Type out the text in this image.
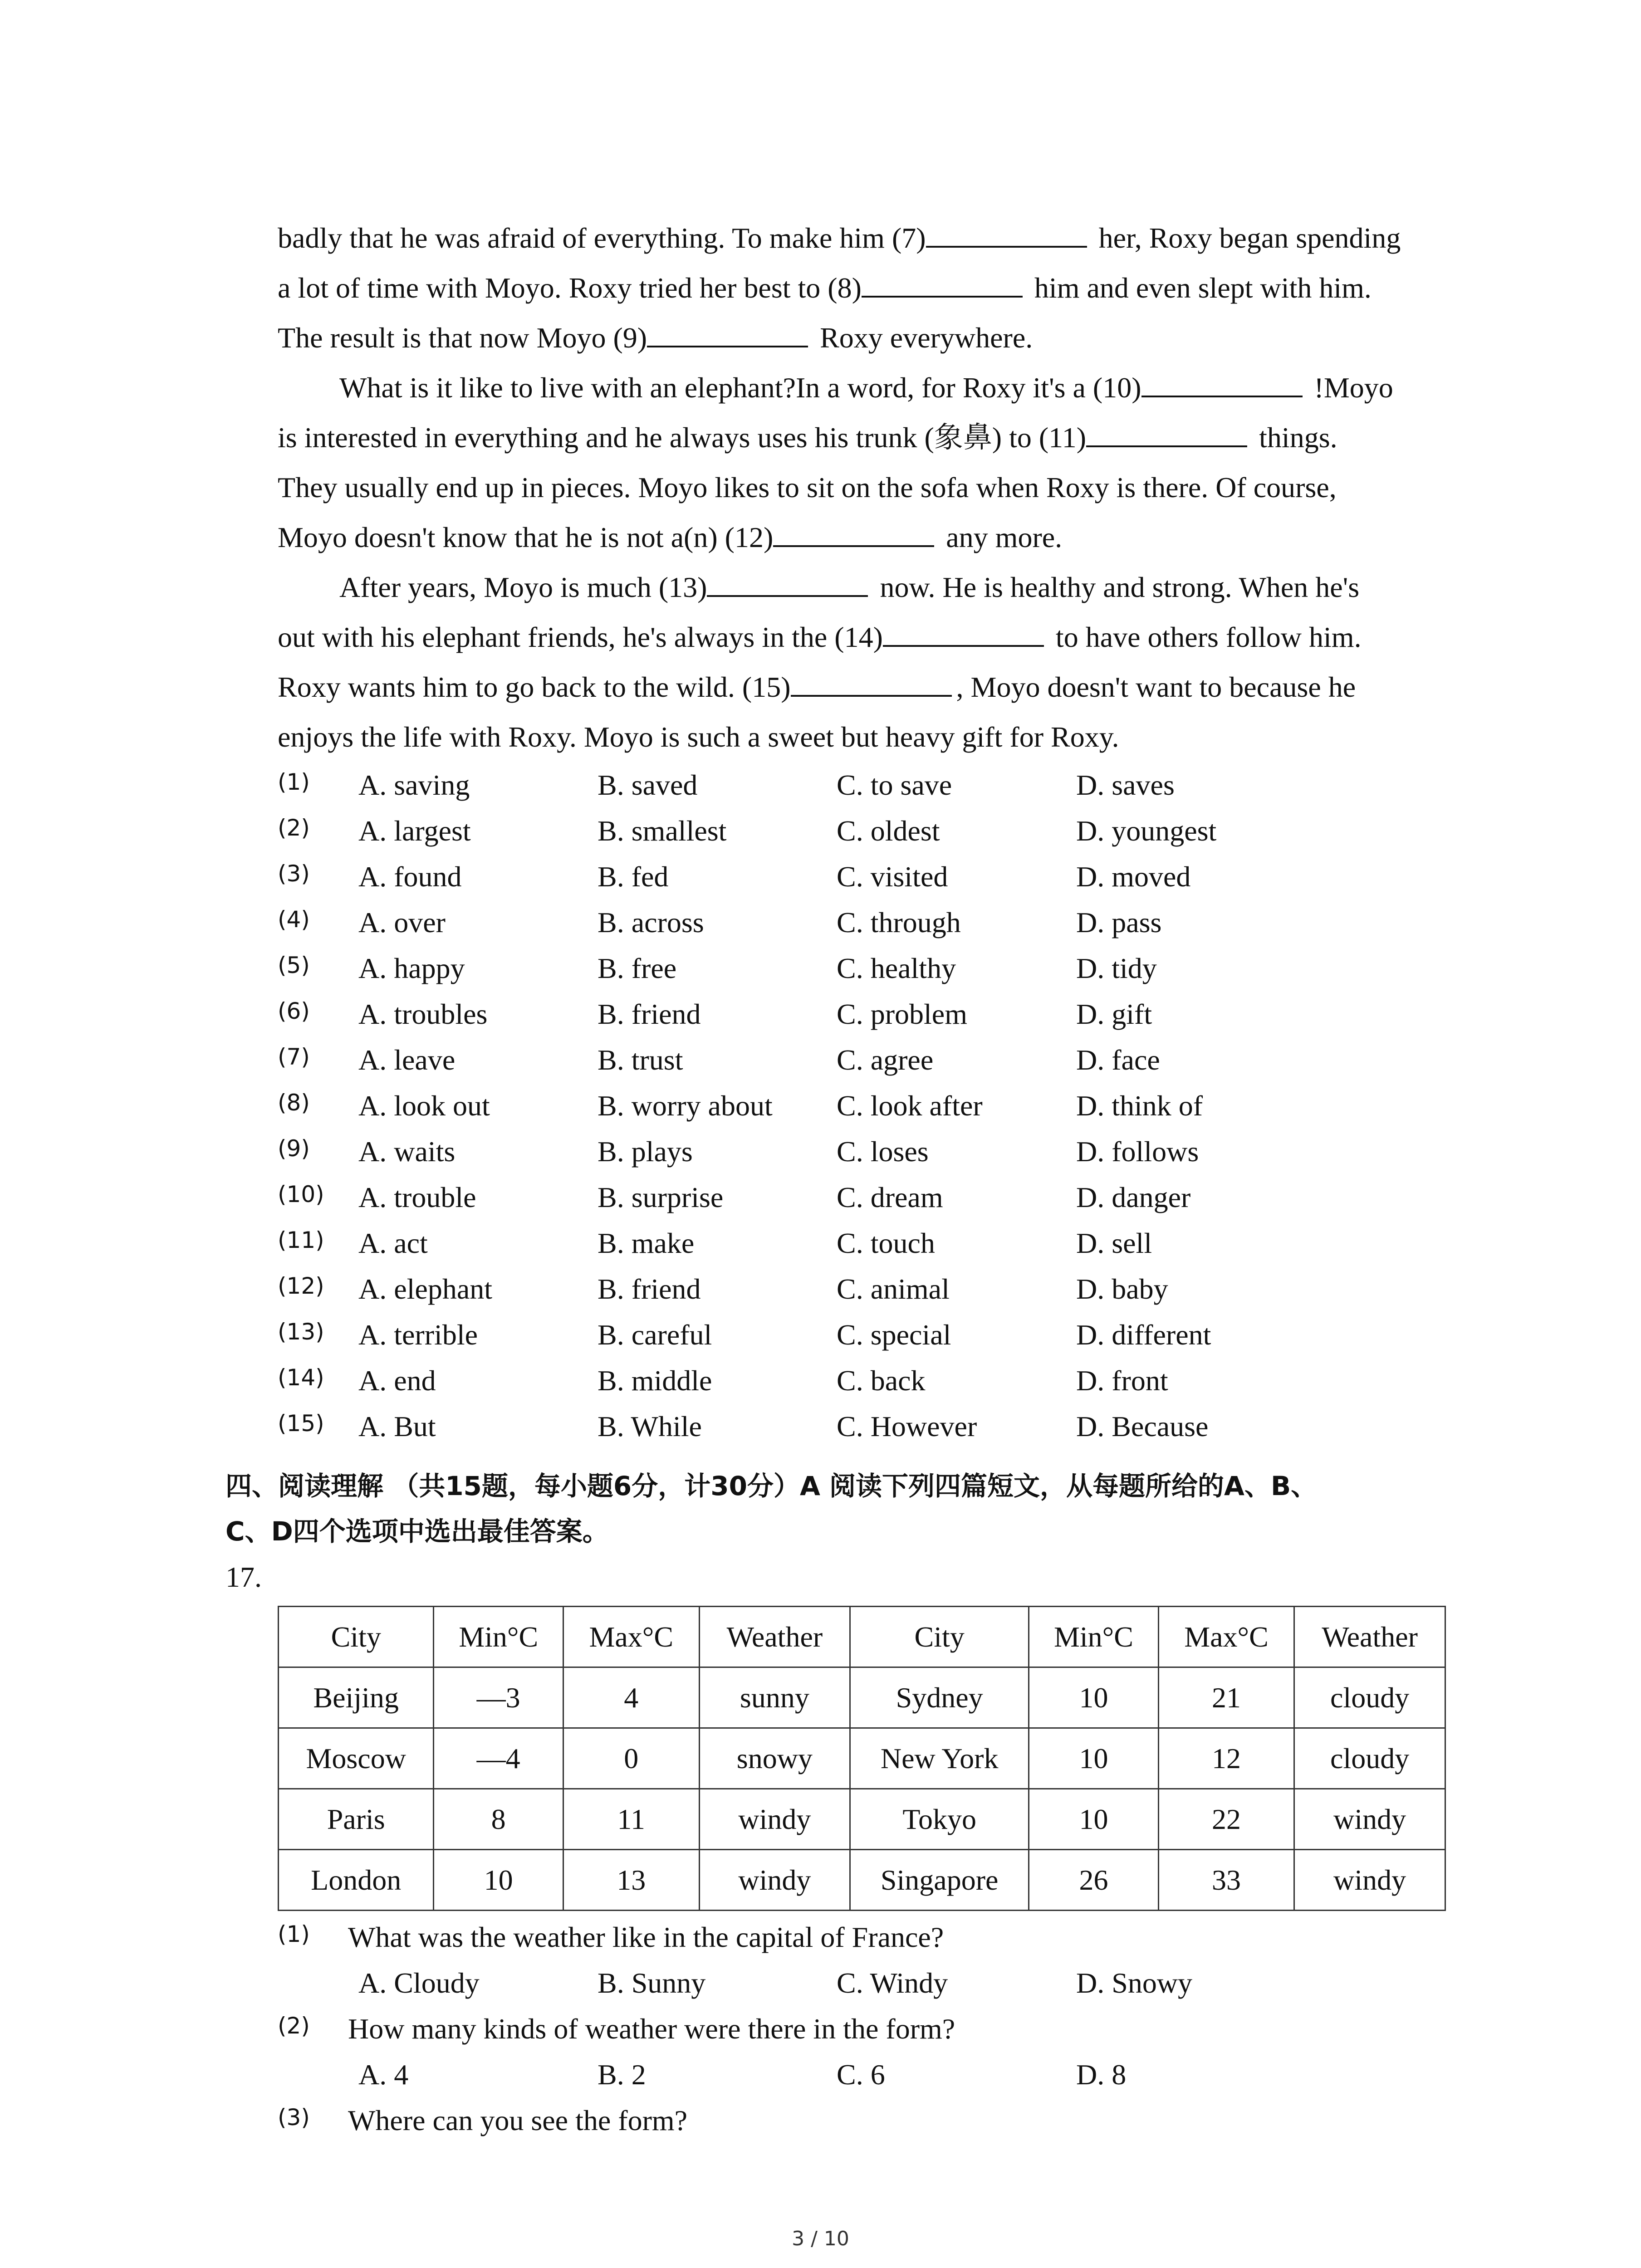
badly that he was afraid of everything. To make him (7)	her, Roxy began spending
a lot of time with Moyo. Roxy tried her best to (8)	him and even slept with him.
The result is that now Moyo (9)	Roxy everywhere.
What is it like to live with an elephant?In a word, for Roxy it's a (10)	!Moyo
is interested in everything and he always uses his trunk (象鼻) to (11)	things.
They usually end up in pieces. Moyo likes to sit on the sofa when Roxy is there. Of course,
Moyo doesn't know that he is not a(n) (12)	any more.
After years, Moyo is much (13)	now. He is healthy and strong. When he's
out with his elephant friends, he's always in the (14)	to have others follow him.
Roxy wants him to go back to the wild. (15)	, Moyo doesn't want to because he
enjoys the life with Roxy. Moyo is such a sweet but heavy gift for Roxy.
(1) A. saving	B. saved	C. to save	D. saves
(2) A. largest	B. smallest	C. oldest	D. youngest
(3) A. found	B. fed	C. visited	D. moved
(4) A. over	B. across	C. through	D. pass
(5) A. happy	B. free	C. healthy	D. tidy
(6) A. troubles	B. friend	C. problem	D. gift
(7) A. leave	B. trust	C. agree	D. face
(8) A. look out	B. worry about C. look after	D. think of
(9) A. waits	B. plays	C. loses	D. follows
(10) A. trouble	B. surprise	C. dream	D. danger
(11) A. act	B. make	C. touch	D. sell
(12) A. elephant	B. friend	C. animal	D. baby
(13) A. terrible	B. careful	C. special	D. different
(14) A. end	B. middle	C. back	D. front
(15) A. But	B. While	C. However	D. Because
四、阅读理解 （共15题，每小题6分，计30分）A 阅读下列四篇短文，从每题所给的A、B、
C、D四个选项中选出最佳答案。
17.
City	Min°C	Max°C	Weather	City	Min°C	Max°C	Weather
Beijing	—3	4	sunny	Sydney	10	21	cloudy
Moscow	—4	0	snowy	New York	10	12	cloudy
Paris	8	11	windy	Tokyo	10	22	windy
London	10	13	windy	Singapore	26	33	windy
(1) What was the weather like in the capital of France?
A. Cloudy	B. Sunny	C. Windy	D. Snowy
(2) How many kinds of weather were there in the form?
A. 4	B. 2	C. 6	D. 8
(3) Where can you see the form?
3 / 10
